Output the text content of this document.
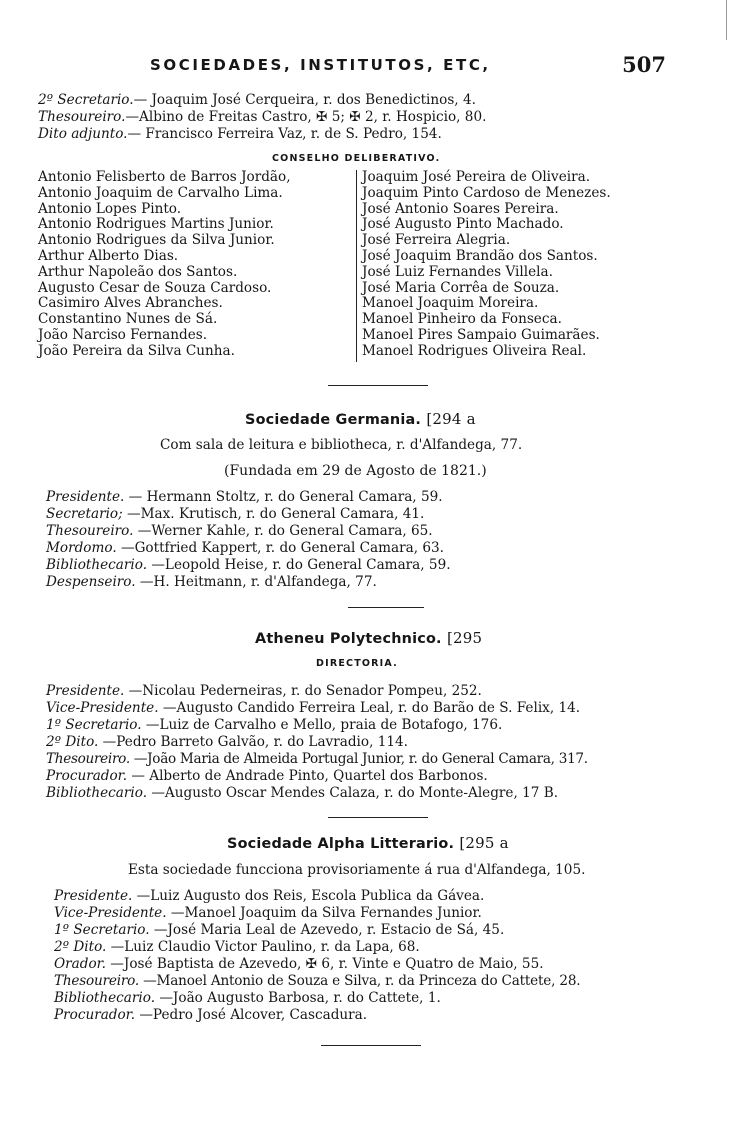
SOCIEDADES, INSTITUTOS, ETC,	507
2º Secretario.— Joaquim José Cerqueira, r. dos Benedictinos, 4.
Thesoureiro.—Albino de Freitas Castro, ✠ 5; ✠ 2, r. Hospicio, 80.
Dito adjunto.— Francisco Ferreira Vaz, r. de S. Pedro, 154.
CONSELHO DELIBERATIVO.
Antonio Felisberto de Barros Jordão,
Antonio Joaquim de Carvalho Lima.
Antonio Lopes Pinto.
Antonio Rodrigues Martins Junior.
Antonio Rodrigues da Silva Junior.
Arthur Alberto Dias.
Arthur Napoleão dos Santos.
Augusto Cesar de Souza Cardoso.
Casimiro Alves Abranches.
Constantino Nunes de Sá.
João Narciso Fernandes.
João Pereira da Silva Cunha.
Joaquim José Pereira de Oliveira.
Joaquim Pinto Cardoso de Menezes.
José Antonio Soares Pereira.
José Augusto Pinto Machado.
José Ferreira Alegria.
José Joaquim Brandão dos Santos.
José Luiz Fernandes Villela.
José Maria Corrêa de Souza.
Manoel Joaquim Moreira.
Manoel Pinheiro da Fonseca.
Manoel Pires Sampaio Guimarães.
Manoel Rodrigues Oliveira Real.
Sociedade Germania. [294 a
Com sala de leitura e bibliotheca, r. d'Alfandega, 77.
(Fundada em 29 de Agosto de 1821.)
Presidente. — Hermann Stoltz, r. do General Camara, 59.
Secretario; —Max. Krutisch, r. do General Camara, 41.
Thesoureiro. —Werner Kahle, r. do General Camara, 65.
Mordomo. —Gottfried Kappert, r. do General Camara, 63.
Bibliothecario. —Leopold Heise, r. do General Camara, 59.
Despenseiro. —H. Heitmann, r. d'Alfandega, 77.
Atheneu Polytechnico. [295
DIRECTORIA.
Presidente. —Nicolau Pederneiras, r. do Senador Pompeu, 252.
Vice-Presidente. —Augusto Candido Ferreira Leal, r. do Barão de S. Felix, 14.
1º Secretario. —Luiz de Carvalho e Mello, praia de Botafogo, 176.
2º Dito. —Pedro Barreto Galvão, r. do Lavradio, 114.
Thesoureiro. —João Maria de Almeida Portugal Junior, r. do General Camara, 317.
Procurador. — Alberto de Andrade Pinto, Quartel dos Barbonos.
Bibliothecario. —Augusto Oscar Mendes Calaza, r. do Monte-Alegre, 17 B.
Sociedade Alpha Litterario. [295 a
Esta sociedade funcciona provisoriamente á rua d'Alfandega, 105.
Presidente. —Luiz Augusto dos Reis, Escola Publica da Gávea.
Vice-Presidente. —Manoel Joaquim da Silva Fernandes Junior.
1º Secretario. —José Maria Leal de Azevedo, r. Estacio de Sá, 45.
2º Dito. —Luiz Claudio Victor Paulino, r. da Lapa, 68.
Orador. —José Baptista de Azevedo, ✠ 6, r. Vinte e Quatro de Maio, 55.
Thesoureiro. —Manoel Antonio de Souza e Silva, r. da Princeza do Cattete, 28.
Bibliothecario. —João Augusto Barbosa, r. do Cattete, 1.
Procurador. —Pedro José Alcover, Cascadura.
